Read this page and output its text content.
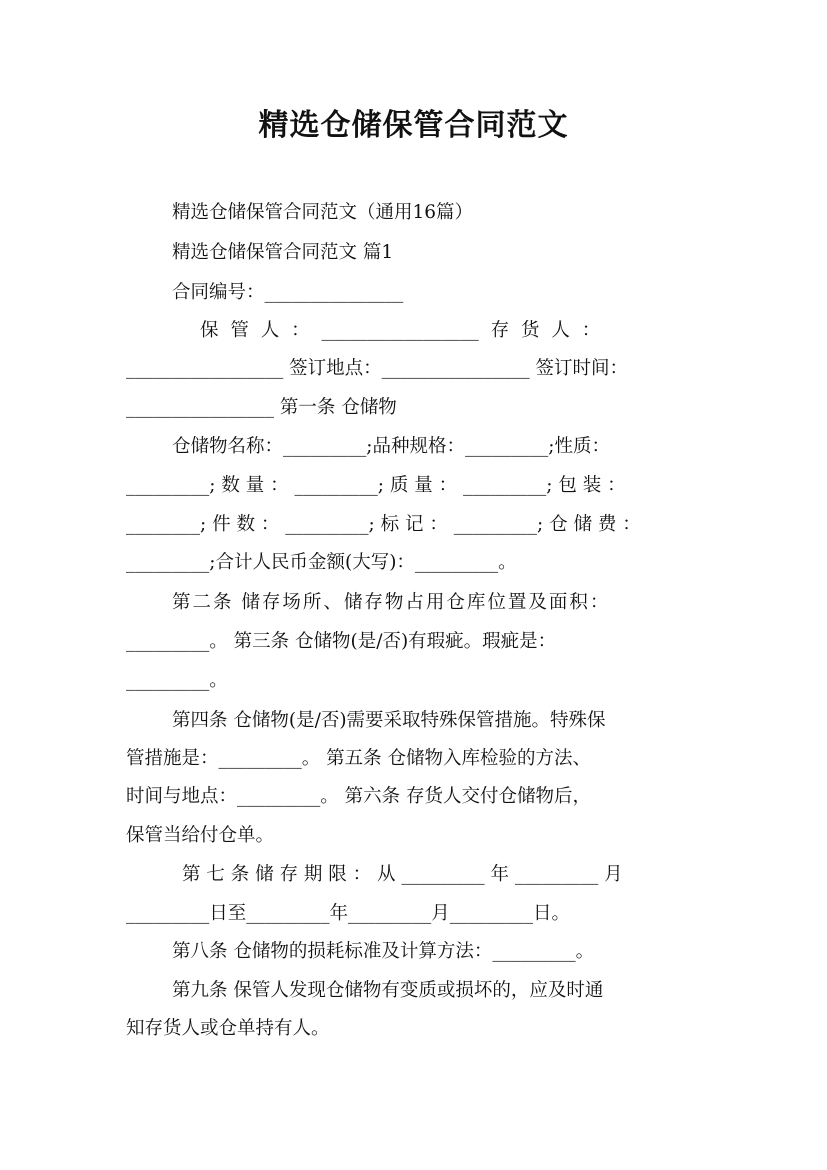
精选仓储保管合同范文
精选仓储保管合同范文（通用16篇）
精选仓储保管合同范文 篇1
合同编号：_______________
保 管 人 ： _________________ 存 货 人 ：
_________________ 签订地点：________________ 签订时间：
________________ 第一条 仓储物
仓储物名称：_________;品种规格：_________;性质：
_________; 数 量 ： _________; 质 量 ： _________; 包 装 ：
________; 件 数 ： _________; 标 记 ： _________; 仓 储 费 ：
_________;合计人民币金额(大写)：_________。
第二条 储存场所、储存物占用仓库位置及面积：
_________。 第三条 仓储物(是/否)有瑕疵。瑕疵是：
_________。
第四条 仓储物(是/否)需要采取特殊保管措施。特殊保
管措施是：_________。 第五条 仓储物入库检验的方法、
时间与地点：_________。 第六条 存货人交付仓储物后，
保管当给付仓单。
第 七 条 储 存 期 限 ： 从 _________ 年 _________ 月
_________日至_________年_________月_________日。
第八条 仓储物的损耗标准及计算方法：_________。
第九条 保管人发现仓储物有变质或损坏的，应及时通
知存货人或仓单持有人。
